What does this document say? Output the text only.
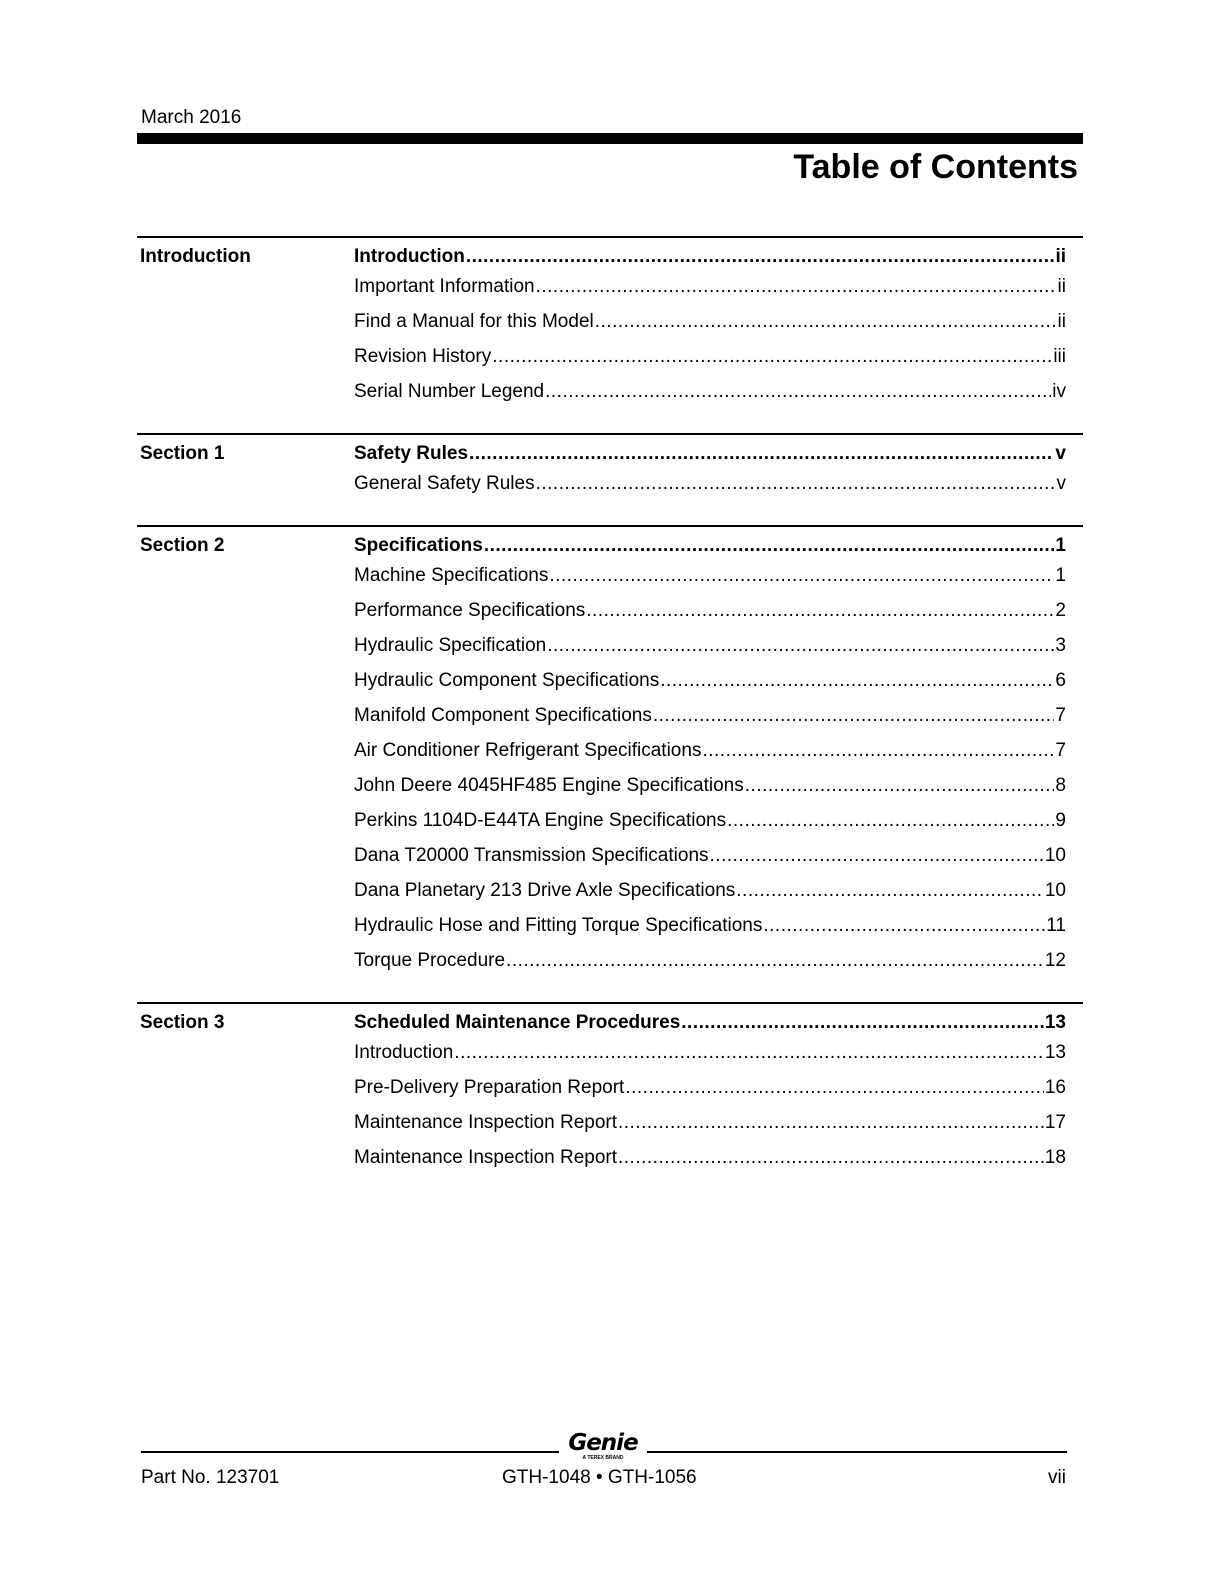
March 2016
Table of Contents
Introduction	Introduction .....	ii
Important Information .....	ii
Find a Manual for this Model .....	ii
Revision History .....	iii
Serial Number Legend .....	iv
Section 1	Safety Rules .....	v
General Safety Rules .....	v
Section 2	Specifications .....	1
Machine Specifications .....	1
Performance Specifications .....	2
Hydraulic Specification .....	3
Hydraulic Component Specifications .....	6
Manifold Component Specifications .....	7
Air Conditioner Refrigerant Specifications .....	7
John Deere 4045HF485 Engine Specifications .....	8
Perkins 1104D-E44TA Engine Specifications .....	9
Dana T20000 Transmission Specifications .....	10
Dana Planetary 213 Drive Axle Specifications .....	10
Hydraulic Hose and Fitting Torque Specifications .....	11
Torque Procedure .....	12
Section 3	Scheduled Maintenance Procedures .....	13
Introduction .....	13
Pre-Delivery Preparation Report .....	16
Maintenance Inspection Report .....	17
Maintenance Inspection Report .....	18
Genie
A TEREX BRAND
Part No. 123701	GTH-1048 • GTH-1056	vii
